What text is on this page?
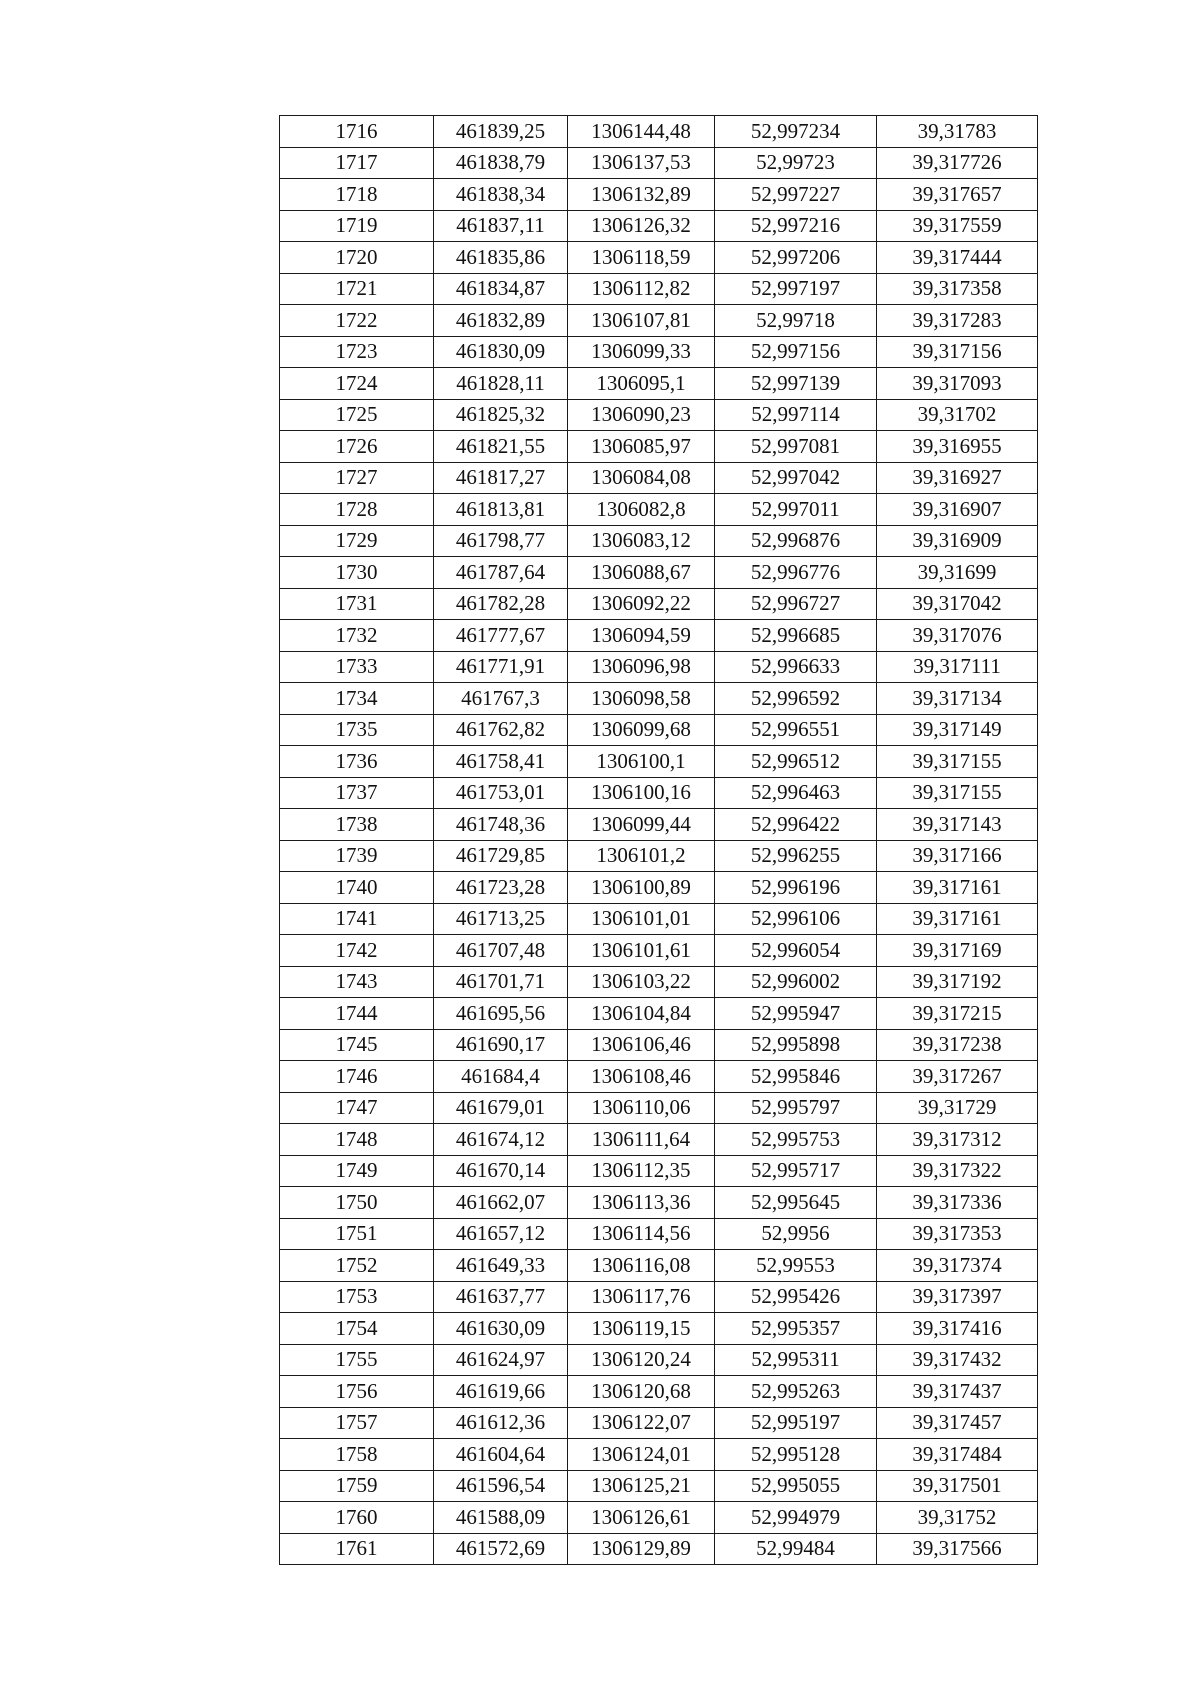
1716	461839,25	1306144,48	52,997234	39,31783
1717	461838,79	1306137,53	52,99723	39,317726
1718	461838,34	1306132,89	52,997227	39,317657
1719	461837,11	1306126,32	52,997216	39,317559
1720	461835,86	1306118,59	52,997206	39,317444
1721	461834,87	1306112,82	52,997197	39,317358
1722	461832,89	1306107,81	52,99718	39,317283
1723	461830,09	1306099,33	52,997156	39,317156
1724	461828,11	1306095,1	52,997139	39,317093
1725	461825,32	1306090,23	52,997114	39,31702
1726	461821,55	1306085,97	52,997081	39,316955
1727	461817,27	1306084,08	52,997042	39,316927
1728	461813,81	1306082,8	52,997011	39,316907
1729	461798,77	1306083,12	52,996876	39,316909
1730	461787,64	1306088,67	52,996776	39,31699
1731	461782,28	1306092,22	52,996727	39,317042
1732	461777,67	1306094,59	52,996685	39,317076
1733	461771,91	1306096,98	52,996633	39,317111
1734	461767,3	1306098,58	52,996592	39,317134
1735	461762,82	1306099,68	52,996551	39,317149
1736	461758,41	1306100,1	52,996512	39,317155
1737	461753,01	1306100,16	52,996463	39,317155
1738	461748,36	1306099,44	52,996422	39,317143
1739	461729,85	1306101,2	52,996255	39,317166
1740	461723,28	1306100,89	52,996196	39,317161
1741	461713,25	1306101,01	52,996106	39,317161
1742	461707,48	1306101,61	52,996054	39,317169
1743	461701,71	1306103,22	52,996002	39,317192
1744	461695,56	1306104,84	52,995947	39,317215
1745	461690,17	1306106,46	52,995898	39,317238
1746	461684,4	1306108,46	52,995846	39,317267
1747	461679,01	1306110,06	52,995797	39,31729
1748	461674,12	1306111,64	52,995753	39,317312
1749	461670,14	1306112,35	52,995717	39,317322
1750	461662,07	1306113,36	52,995645	39,317336
1751	461657,12	1306114,56	52,9956	39,317353
1752	461649,33	1306116,08	52,99553	39,317374
1753	461637,77	1306117,76	52,995426	39,317397
1754	461630,09	1306119,15	52,995357	39,317416
1755	461624,97	1306120,24	52,995311	39,317432
1756	461619,66	1306120,68	52,995263	39,317437
1757	461612,36	1306122,07	52,995197	39,317457
1758	461604,64	1306124,01	52,995128	39,317484
1759	461596,54	1306125,21	52,995055	39,317501
1760	461588,09	1306126,61	52,994979	39,31752
1761	461572,69	1306129,89	52,99484	39,317566
